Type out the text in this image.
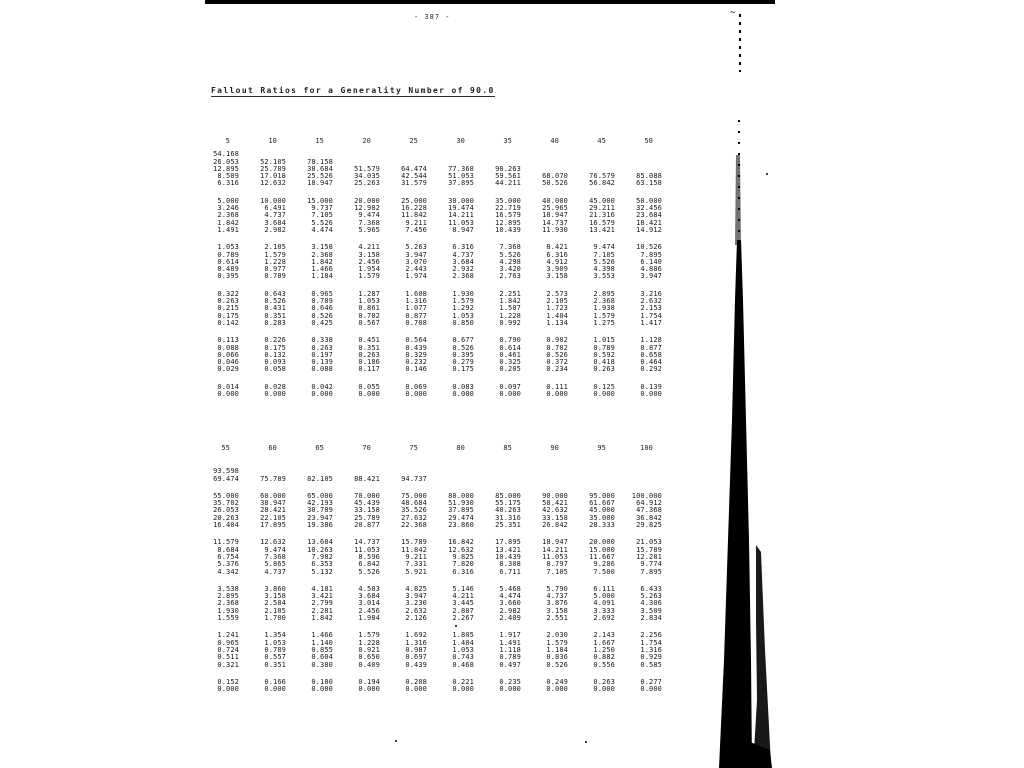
~
- 387 -
Fallout Ratios for a Generality Number of 90.0
5	10	15	20	25	30	35	40	45	50
54.168
26.053	52.105	78.158
12.895	25.789	38.684	51.579	64.474	77.368	90.263
8.509	17.018	25.526	34.035	42.544	51.053	59.561	68.070	76.579	85.088
6.316	12.632	18.947	25.263	31.579	37.895	44.211	50.526	56.842	63.158
5.000	10.000	15.000	20.000	25.000	30.000	35.000	40.000	45.000	50.000
3.246	6.491	9.737	12.982	16.228	19.474	22.719	25.965	29.211	32.456
2.368	4.737	7.105	9.474	11.842	14.211	16.579	18.947	21.316	23.684
1.842	3.684	5.526	7.368	9.211	11.053	12.895	14.737	16.579	18.421
1.491	2.982	4.474	5.965	7.456	8.947	10.439	11.930	13.421	14.912
1.053	2.105	3.158	4.211	5.263	6.316	7.368	8.421	9.474	10.526
0.789	1.579	2.368	3.158	3.947	4.737	5.526	6.316	7.105	7.895
0.614	1.228	1.842	2.456	3.070	3.684	4.298	4.912	5.526	6.140
0.489	0.977	1.466	1.954	2.443	2.932	3.420	3.909	4.398	4.886
0.395	0.789	1.184	1.579	1.974	2.368	2.763	3.158	3.553	3.947
0.322	0.643	0.965	1.287	1.608	1.930	2.251	2.573	2.895	3.216
0.263	0.526	0.789	1.053	1.316	1.579	1.842	2.105	2.368	2.632
0.215	0.431	0.646	0.861	1.077	1.292	1.507	1.723	1.938	2.153
0.175	0.351	0.526	0.702	0.877	1.053	1.228	1.404	1.579	1.754
0.142	0.283	0.425	0.567	0.708	0.850	0.992	1.134	1.275	1.417
0.113	0.226	0.338	0.451	0.564	0.677	0.790	0.902	1.015	1.128
0.088	0.175	0.263	0.351	0.439	0.526	0.614	0.702	0.789	0.877
0.066	0.132	0.197	0.263	0.329	0.395	0.461	0.526	0.592	0.658
0.046	0.093	0.139	0.186	0.232	0.279	0.325	0.372	0.418	0.464
0.029	0.058	0.088	0.117	0.146	0.175	0.205	0.234	0.263	0.292
0.014	0.028	0.042	0.055	0.069	0.083	0.097	0.111	0.125	0.139
0.000	0.000	0.000	0.000	0.000	0.000	0.000	0.000	0.000	0.000
55	60	65	70	75	80	85	90	95	100
93.598
69.474	75.789	82.105	88.421	94.737
55.000	60.000	65.000	70.000	75.000	80.000	85.000	90.000	95.000	100.000
35.702	38.947	42.193	45.439	48.684	51.930	55.175	58.421	61.667	64.912
26.053	28.421	30.789	33.158	35.526	37.895	40.263	42.632	45.000	47.368
20.263	22.105	23.947	25.789	27.632	29.474	31.316	33.158	35.000	36.842
16.404	17.895	19.386	20.877	22.368	23.860	25.351	26.842	28.333	29.825
11.579	12.632	13.684	14.737	15.789	16.842	17.895	18.947	20.000	21.053
8.684	9.474	10.263	11.053	11.842	12.632	13.421	14.211	15.000	15.789
6.754	7.368	7.982	8.596	9.211	9.825	10.439	11.053	11.667	12.281
5.376	5.865	6.353	6.842	7.331	7.820	8.308	8.797	9.286	9.774
4.342	4.737	5.132	5.526	5.921	6.316	6.711	7.105	7.500	7.895
3.538	3.860	4.181	4.503	4.825	5.146	5.468	5.790	6.111	6.433
2.895	3.158	3.421	3.684	3.947	4.211	4.474	4.737	5.000	5.263
2.368	2.584	2.799	3.014	3.230	3.445	3.660	3.876	4.091	4.306
1.930	2.105	2.281	2.456	2.632	2.807	2.982	3.158	3.333	3.509
1.559	1.700	1.842	1.984	2.126	2.267	2.409	2.551	2.692	2.834
1.241	1.354	1.466	1.579	1.692	1.805	1.917	2.030	2.143	2.256
0.965	1.053	1.140	1.228	1.316	1.404	1.491	1.579	1.667	1.754
0.724	0.789	0.855	0.921	0.987	1.053	1.118	1.184	1.250	1.316
0.511	0.557	0.604	0.650	0.697	0.743	0.789	0.836	0.882	0.929
0.321	0.351	0.380	0.409	0.439	0.468	0.497	0.526	0.556	0.585
0.152	0.166	0.180	0.194	0.208	0.221	0.235	0.249	0.263	0.277
0.000	0.000	0.000	0.000	0.000	0.000	0.000	0.000	0.000	0.000
